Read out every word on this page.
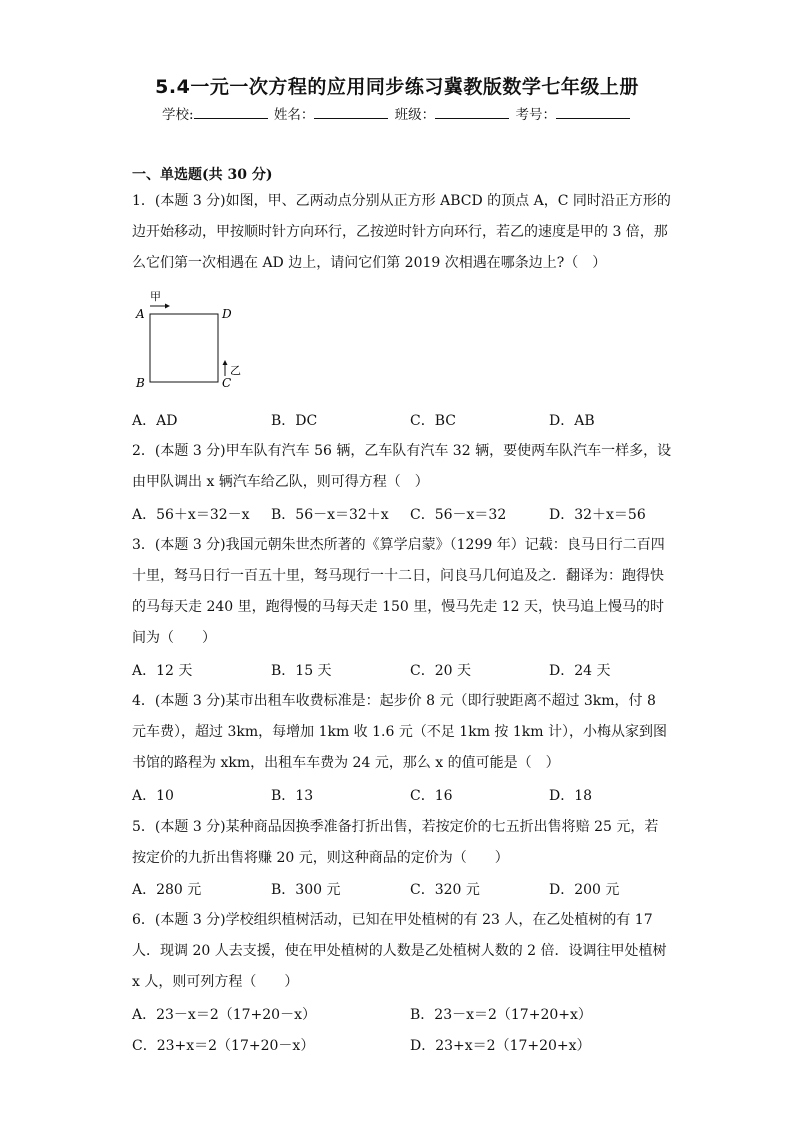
5.4一元一次方程的应用同步练习冀教版数学七年级上册
学校:	姓名：	班级：	考号：
一、单选题(共 30 分)
1．(本题 3 分)如图，甲、乙两动点分别从正方形 ABCD 的顶点 A，C 同时沿正方形的边开始移动，甲按顺时针方向环行，乙按逆时针方向环行，若乙的速度是甲的 3 倍，那么它们第一次相遇在 AD 边上，请问它们第 2019 次相遇在哪条边上?（　）
甲
A	D
B	C
乙
A．AD	B．DC	C．BC	D．AB
2．(本题 3 分)甲车队有汽车 56 辆，乙车队有汽车 32 辆，要使两车队汽车一样多，设由甲队调出 x 辆汽车给乙队，则可得方程（　）
A．56＋x＝32－x B．56－x＝32＋x C．56－x＝32	D．32＋x＝56
3．(本题 3 分)我国元朝朱世杰所著的《算学启蒙》（1299 年）记载：良马日行二百四十里，驽马日行一百五十里，驽马现行一十二日，问良马几何追及之．翻译为：跑得快的马每天走 240 里，跑得慢的马每天走 150 里，慢马先走 12 天，快马追上慢马的时间为（　　）
A．12 天	B．15 天	C．20 天	D．24 天
4．(本题 3 分)某市出租车收费标准是：起步价 8 元（即行驶距离不超过 3km，付 8 元车费），超过 3km，每增加 1km 收 1.6 元（不足 1km 按 1km 计），小梅从家到图书馆的路程为 xkm，出租车车费为 24 元，那么 x 的值可能是（　）
A．10	B．13	C．16	D．18
5．(本题 3 分)某种商品因换季准备打折出售，若按定价的七五折出售将赔 25 元，若按定价的九折出售将赚 20 元，则这种商品的定价为（　　）
A．280 元	B．300 元	C．320 元	D．200 元
6．(本题 3 分)学校组织植树活动，已知在甲处植树的有 23 人，在乙处植树的有 17 人．现调 20 人去支援，使在甲处植树的人数是乙处植树人数的 2 倍．设调往甲处植树 x 人，则可列方程（　　）
A．23－x＝2（17+20－x）	B．23－x＝2（17+20+x）
C．23+x＝2（17+20－x）	D．23+x＝2（17+20+x）
